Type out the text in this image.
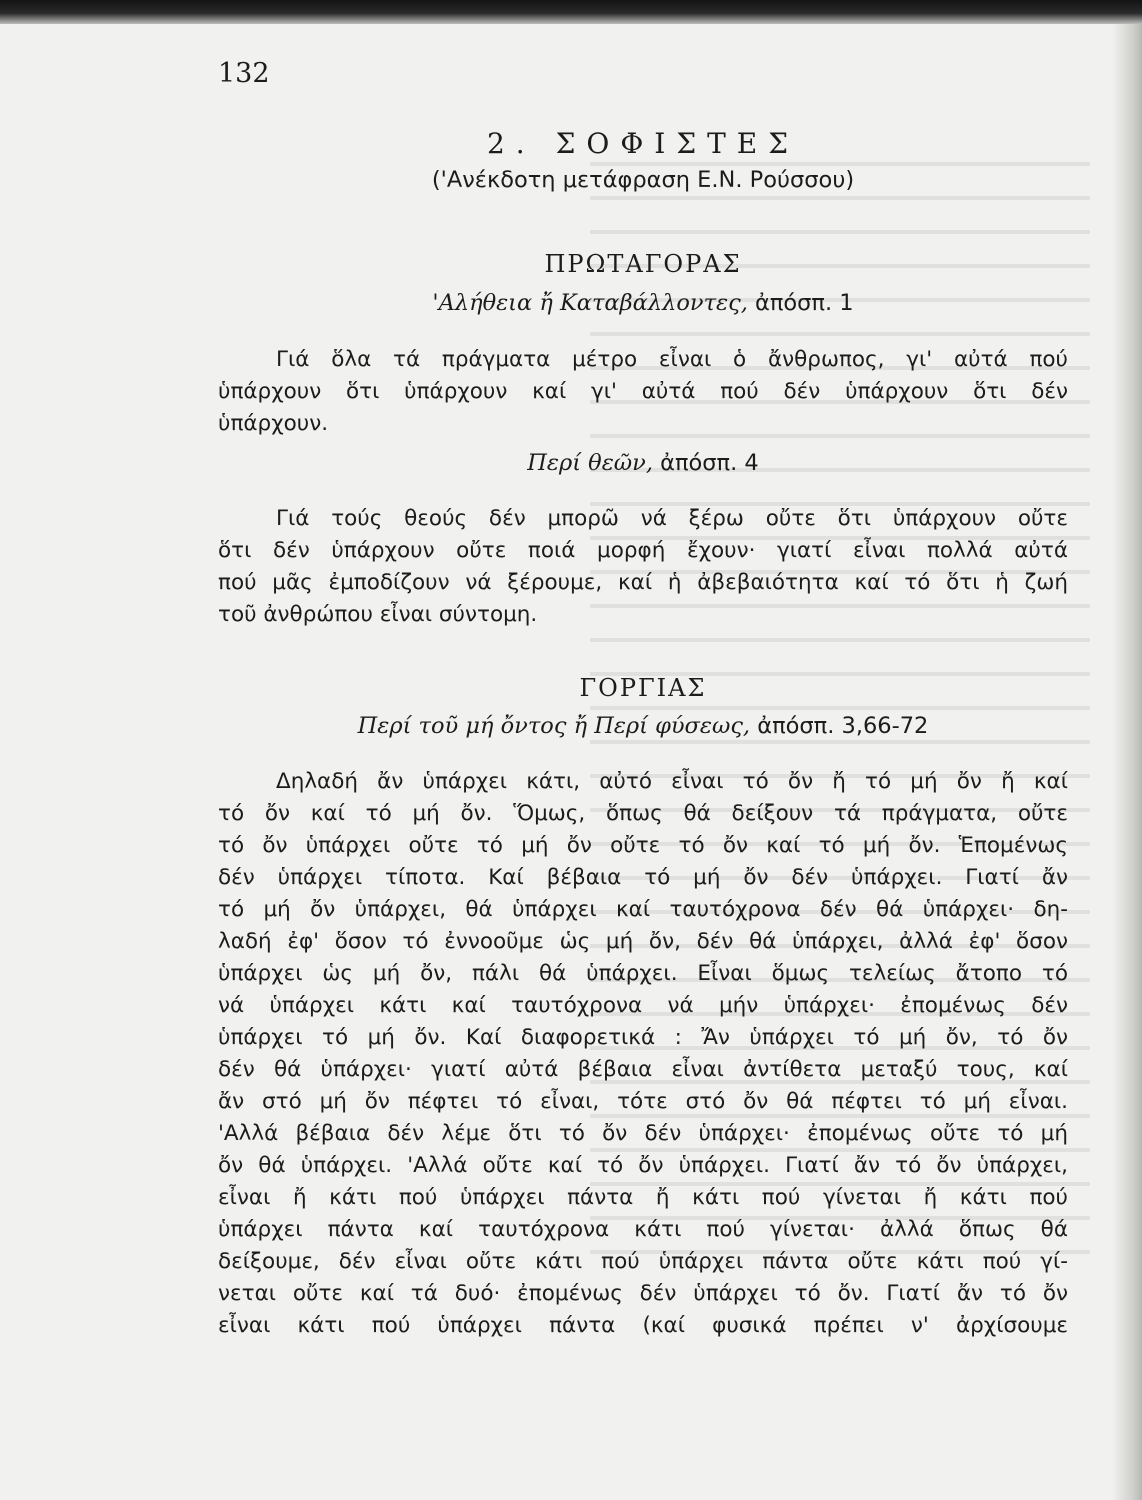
132
2. ΣΟΦΙΣΤΕΣ
('Ανέκδοτη μετάφραση Ε.Ν. Ρούσσου)
ΠΡΩΤΑΓΟΡΑΣ
'Αλήθεια ἤ Καταβάλλοντες, ἀπόσπ. 1
Γιά ὅλα τά πράγματα μέτρο εἶναι ὁ ἄνθρωπος, γι' αὐτά πού
ὑπάρχουν ὅτι ὑπάρχουν καί γι' αὐτά πού δέν ὑπάρχουν ὅτι δέν
ὑπάρχουν.
Περί θεῶν, ἀπόσπ. 4
Γιά τούς θεούς δέν μπορῶ νά ξέρω οὔτε ὅτι ὑπάρχουν οὔτε
ὅτι δέν ὑπάρχουν οὔτε ποιά μορφή ἔχουν· γιατί εἶναι πολλά αὐτά
πού μᾶς ἐμποδίζουν νά ξέρουμε, καί ἡ ἀβεβαιότητα καί τό ὅτι ἡ ζωή
τοῦ ἀνθρώπου εἶναι σύντομη.
ΓΟΡΓΙΑΣ
Περί τοῦ μή ὄντος ἤ Περί φύσεως, ἀπόσπ. 3,66-72
Δηλαδή ἄν ὑπάρχει κάτι, αὐτό εἶναι τό ὄν ἤ τό μή ὄν ἤ καί
τό ὄν καί τό μή ὄν. Ὅμως, ὅπως θά δείξουν τά πράγματα, οὔτε
τό ὄν ὑπάρχει οὔτε τό μή ὄν οὔτε τό ὄν καί τό μή ὄν. Ἑπομένως
δέν ὑπάρχει τίποτα. Καί βέβαια τό μή ὄν δέν ὑπάρχει. Γιατί ἄν
τό μή ὄν ὑπάρχει, θά ὑπάρχει καί ταυτόχρονα δέν θά ὑπάρχει· δη-
λαδή ἐφ' ὅσον τό ἐννοοῦμε ὡς μή ὄν, δέν θά ὑπάρχει, ἀλλά ἐφ' ὅσον
ὑπάρχει ὡς μή ὄν, πάλι θά ὑπάρχει. Εἶναι ὅμως τελείως ἄτοπο τό
νά ὑπάρχει κάτι καί ταυτόχρονα νά μήν ὑπάρχει· ἐπομένως δέν
ὑπάρχει τό μή ὄν. Καί διαφορετικά : Ἄν ὑπάρχει τό μή ὄν, τό ὄν
δέν θά ὑπάρχει· γιατί αὐτά βέβαια εἶναι ἀντίθετα μεταξύ τους, καί
ἄν στό μή ὄν πέφτει τό εἶναι, τότε στό ὄν θά πέφτει τό μή εἶναι.
'Αλλά βέβαια δέν λέμε ὅτι τό ὄν δέν ὑπάρχει· ἐπομένως οὔτε τό μή
ὄν θά ὑπάρχει. 'Αλλά οὔτε καί τό ὄν ὑπάρχει. Γιατί ἄν τό ὄν ὑπάρχει,
εἶναι ἤ κάτι πού ὑπάρχει πάντα ἤ κάτι πού γίνεται ἤ κάτι πού
ὑπάρχει πάντα καί ταυτόχρονα κάτι πού γίνεται· ἀλλά ὅπως θά
δείξουμε, δέν εἶναι οὔτε κάτι πού ὑπάρχει πάντα οὔτε κάτι πού γί-
νεται οὔτε καί τά δυό· ἐπομένως δέν ὑπάρχει τό ὄν. Γιατί ἄν τό ὄν
εἶναι κάτι πού ὑπάρχει πάντα (καί φυσικά πρέπει ν' ἀρχίσουμε
